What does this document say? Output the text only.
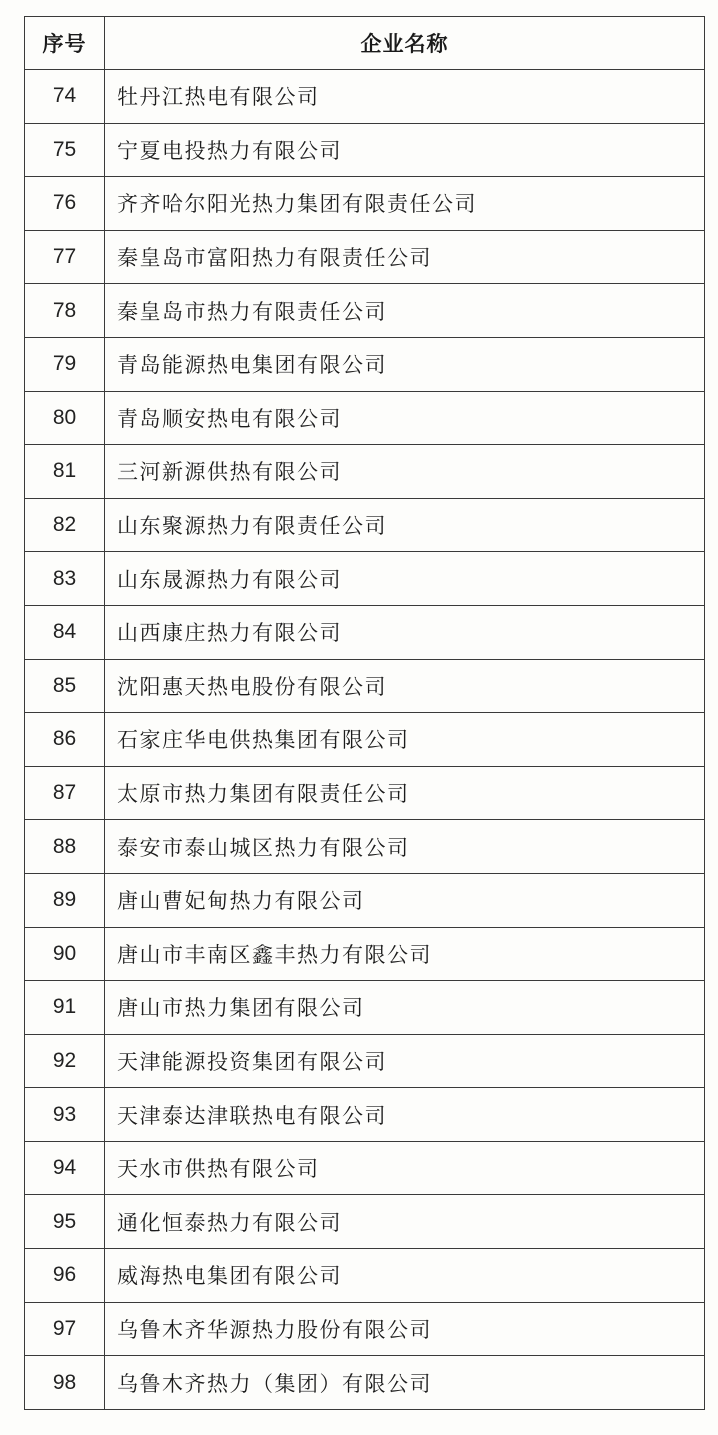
序号	企业名称
74	牡丹江热电有限公司
75	宁夏电投热力有限公司
76	齐齐哈尔阳光热力集团有限责任公司
77	秦皇岛市富阳热力有限责任公司
78	秦皇岛市热力有限责任公司
79	青岛能源热电集团有限公司
80	青岛顺安热电有限公司
81	三河新源供热有限公司
82	山东聚源热力有限责任公司
83	山东晟源热力有限公司
84	山西康庄热力有限公司
85	沈阳惠天热电股份有限公司
86	石家庄华电供热集团有限公司
87	太原市热力集团有限责任公司
88	泰安市泰山城区热力有限公司
89	唐山曹妃甸热力有限公司
90	唐山市丰南区鑫丰热力有限公司
91	唐山市热力集团有限公司
92	天津能源投资集团有限公司
93	天津泰达津联热电有限公司
94	天水市供热有限公司
95	通化恒泰热力有限公司
96	威海热电集团有限公司
97	乌鲁木齐华源热力股份有限公司
98	乌鲁木齐热力（集团）有限公司
